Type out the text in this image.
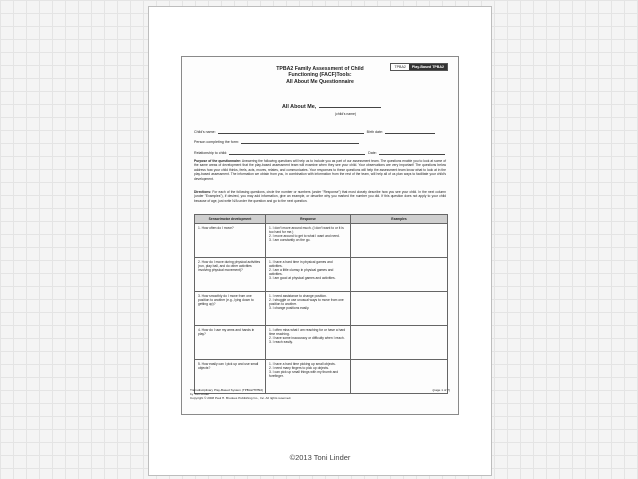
TPBA2	Play-Based TPBA2
TPBA2 Family Assessment of Child
Functioning (FACF)Tools:
All About Me Questionnaire
All About Me,
(child's name)
Child's name:	Birth date:
Person completing the form:
Relationship to child:	Date:
Purpose of the questionnaire: Answering the following questions will help us to include you as part of our assessment team. The questions enable you to look at some of the same areas of development that the play-based assessment team will examine when they see your child. Your observations are very important! The questions below address how your child thinks, feels, acts, moves, relates, and communicates. Your responses to these questions will help the assessment team know what to look at in the play-based assessment. The information we obtain from you, in combination with information from the rest of the team, will help all of us plan ways to facilitate your child's development.
Directions: For each of the following questions, circle the number or numbers (under "Response") that most closely describe how you see your child. In the next column (under "Examples"), if desired, you may add information, give an example, or describe why you marked the number you did. If this question does not apply to your child because of age, just write N/A under the question and go to the next question.
Sensorimotor development	Response	Examples
1. How often do I move?	1. I don't move around much. (I don't want to or it is too hard for me.)
2. I move around to get to what I want and need.
3. I am constantly on the go.	

2. How do I move during physical activities (run, play ball, and do other activities involving physical movement)?	1. I have a hard time in physical games and activities.
2. I am a little clumsy in physical games and activities.
3. I am good at physical games and activities.	

3. How smoothly do I move from one position to another (e.g., lying down to getting up)?	1. I need assistance to change position.
2. I struggle or use unusual ways to move from one position to another.
3. I change positions easily.	

4. How do I use my arms and hands in play?	1. I often miss what I am reaching for or have a hard time reaching.
2. I have some inaccuracy or difficulty when I reach.
3. I reach easily.	

5. How easily can I pick up and use small objects?	1. I have a hard time picking up small objects.
2. I need many fingers to pick up objects.
3. I can pick up small things with my thumb and forefinger.	

Transdisciplinary Play-Based System (TPBA2/TPBI2)
by Toni Linder
Copyright © 2008 Paul H. Brookes Publishing Co., Inc. All rights reserved.
(page 1 of 7)
©2013 Toni Linder
